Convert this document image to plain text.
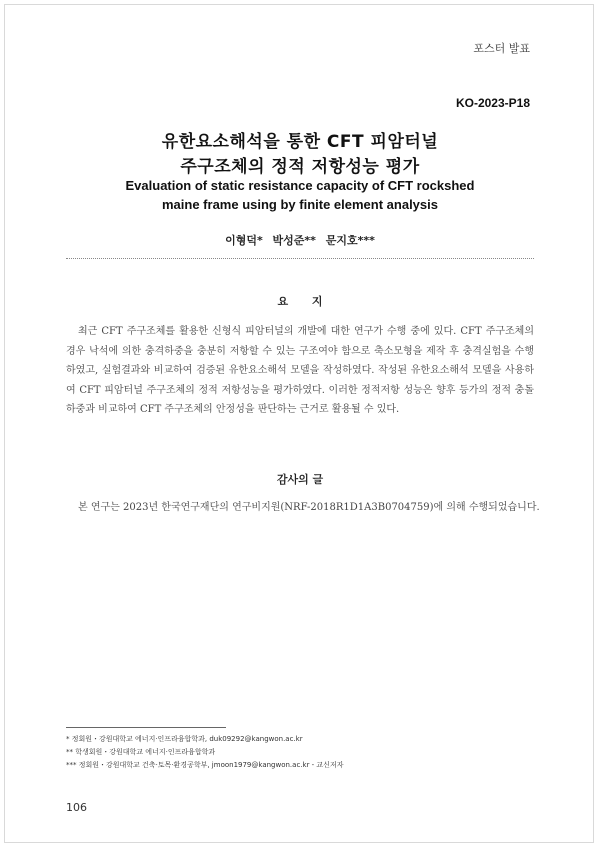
포스터 발표
KO-2023-P18
유한요소해석을 통한 CFT 피암터널
주구조체의 정적 저항성능 평가
Evaluation of static resistance capacity of CFT rockshed
maine frame using by finite element analysis
이형덕* 박성준** 문지호***
요 지

최근 CFT 주구조체를 활용한 신형식 피암터널의 개발에 대한 연구가 수행 중에 있다. CFT 주구조체의 경우 낙석에 의한 충격하중을 충분히 저항할 수 있는 구조여야 함으로 축소모형을 제작 후 충격실험을 수행하였고, 실험결과와 비교하여 검증된 유한요소해석 모델을 작성하였다. 작성된 유한요소해석 모델을 사용하여 CFT 피암터널 주구조체의 정적 저항성능을 평가하였다. 이러한 정적저항 성능은 향후 등가의 정적 충돌하중과 비교하여 CFT 주구조체의 안정성을 판단하는 근거로 활용될 수 있다.

감사의 글

본 연구는 2023년 한국연구재단의 연구비지원(NRF-2018R1D1A3B0704759)에 의해 수행되었습니다.

* 정회원・강원대학교 에너지·인프라융합학과, duk09292@kangwon.ac.kr
** 학생회원・강원대학교 에너지·인프라융합학과
*** 정회원・강원대학교 건축·토목·환경공학부, jmoon1979@kangwon.ac.kr - 교신저자
106
